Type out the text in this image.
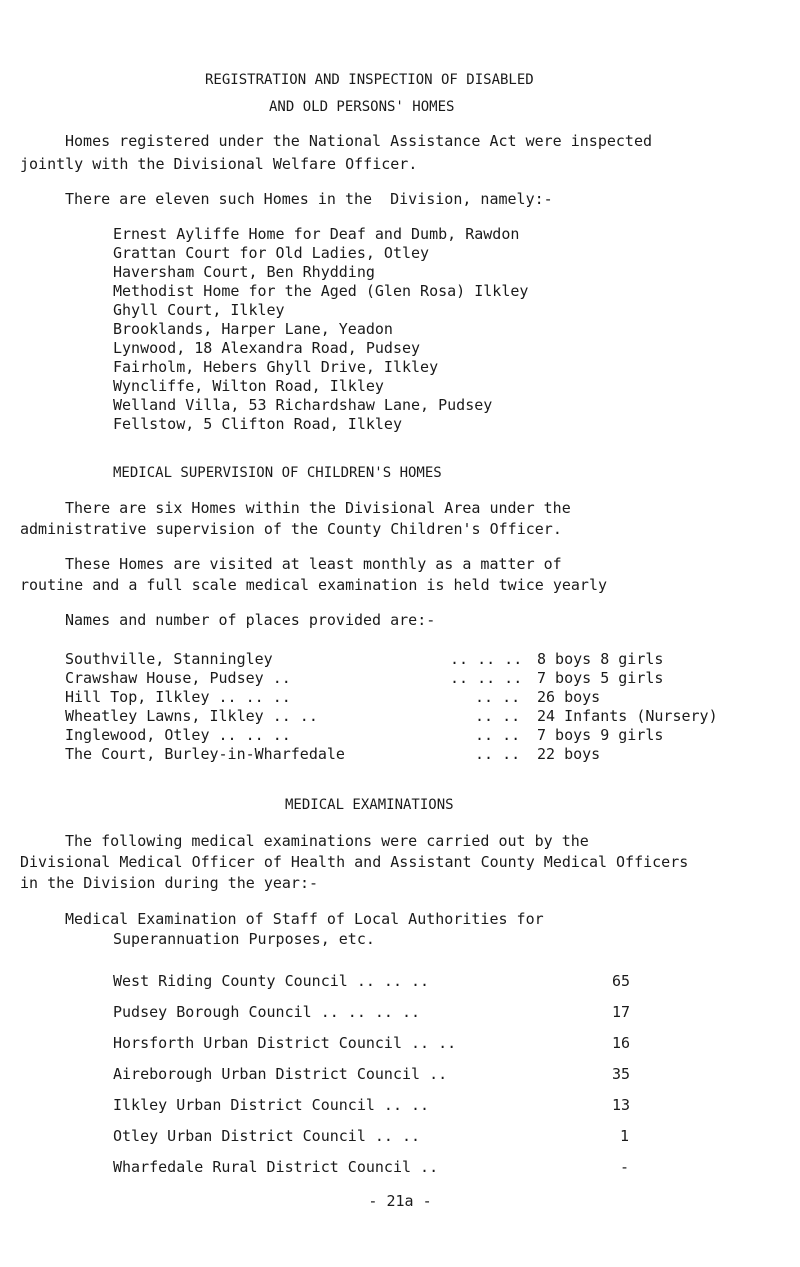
REGISTRATION AND INSPECTION OF DISABLED
AND OLD PERSONS' HOMES
Homes registered under the National Assistance Act were inspected
jointly with the Divisional Welfare Officer.
There are eleven such Homes in the  Division, namely:-
Ernest Ayliffe Home for Deaf and Dumb, Rawdon
Grattan Court for Old Ladies, Otley
Haversham Court, Ben Rhydding
Methodist Home for the Aged (Glen Rosa) Ilkley
Ghyll Court, Ilkley
Brooklands, Harper Lane, Yeadon
Lynwood, 18 Alexandra Road, Pudsey
Fairholm, Hebers Ghyll Drive, Ilkley
Wyncliffe, Wilton Road, Ilkley
Welland Villa, 53 Richardshaw Lane, Pudsey
Fellstow, 5 Clifton Road, Ilkley
MEDICAL SUPERVISION OF CHILDREN'S HOMES
There are six Homes within the Divisional Area under the
administrative supervision of the County Children's Officer.
These Homes are visited at least monthly as a matter of
routine and a full scale medical examination is held twice yearly
Names and number of places provided are:-
Southville, Stanningley	.. .. .. 8 boys 8 girls
Crawshaw House, Pudsey ..	.. .. .. 7 boys 5 girls
Hill Top, Ilkley .. .. ..	.. .. 26 boys
Wheatley Lawns, Ilkley .. ..	.. .. 24 Infants (Nursery)
Inglewood, Otley .. .. ..	.. .. 7 boys 9 girls
The Court, Burley-in-Wharfedale	.. .. 22 boys
MEDICAL EXAMINATIONS
The following medical examinations were carried out by the
Divisional Medical Officer of Health and Assistant County Medical Officers
in the Division during the year:-
Medical Examination of Staff of Local Authorities for
Superannuation Purposes, etc.
West Riding County Council .. .. ..	65
Pudsey Borough Council .. .. .. ..	17
Horsforth Urban District Council .. ..	16
Aireborough Urban District Council ..	35
Ilkley Urban District Council .. ..	13
Otley Urban District Council .. ..	1
Wharfedale Rural District Council ..	-
- 21a -
